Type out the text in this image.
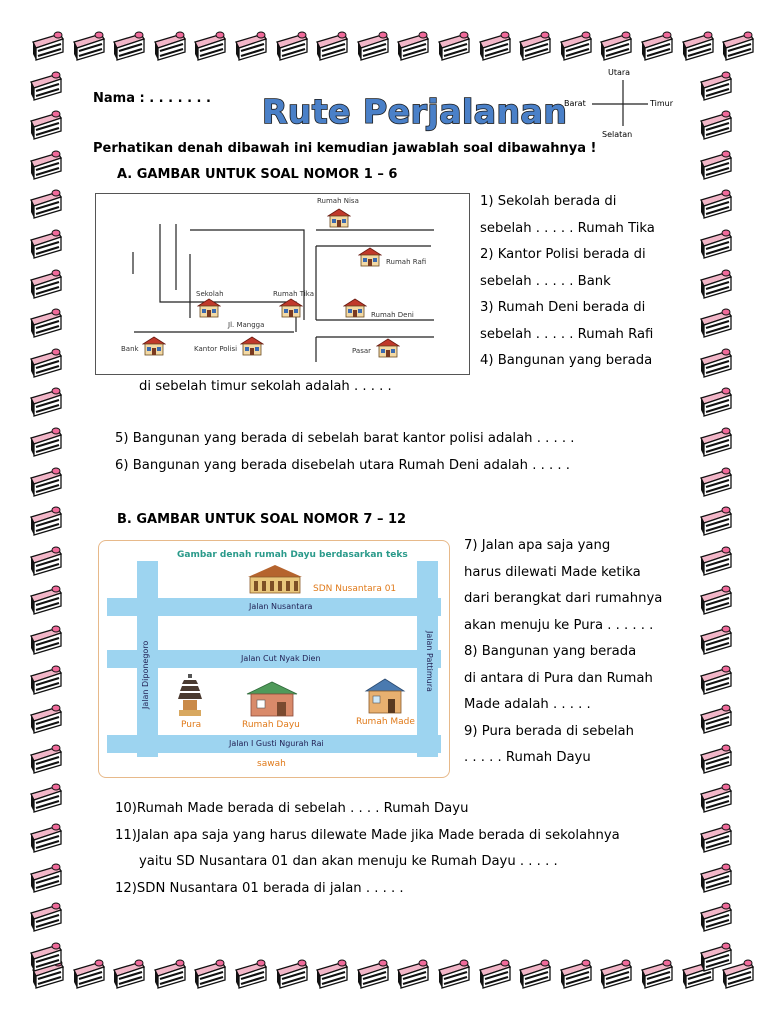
Nama : . . . . . . . Rute Perjalanan
Utara
Selatan
Timur
Barat
Perhatikan denah dibawah ini kemudian jawablah soal dibawahnya !
A. GAMBAR UNTUK SOAL NOMOR 1 – 6
Rumah Nisa
Rumah Rafi
Sekolah	Rumah Tika
Rumah Deni
Bank	Kantor Polisi	Pasar
Jl. Mangga
1) Sekolah berada di
sebelah . . . . . Rumah Tika
2) Kantor Polisi berada di
sebelah . . . . . Bank
3) Rumah Deni berada di
sebelah . . . . . Rumah Rafi
4) Bangunan yang berada
di sebelah timur sekolah adalah . . . . .
5) Bangunan yang berada di sebelah barat kantor polisi adalah . . . . .
6) Bangunan yang berada disebelah utara Rumah Deni adalah . . . . .
B. GAMBAR UNTUK SOAL NOMOR 7 – 12
Gambar denah rumah Dayu berdasarkan teks
Jalan Nusantara
Jalan Cut Nyak Dien
Jalan I Gusti Ngurah Rai
Jalan Diponegoro	Jalan Pattimura
SDN Nusantara 01
Pura	Rumah Dayu	Rumah Made
sawah
7) Jalan apa saja yang
harus dilewati Made ketika
dari berangkat dari rumahnya
akan menuju ke Pura . . . . . .
8) Bangunan yang berada
di antara di Pura dan Rumah
Made adalah . . . . .
9) Pura berada di sebelah
. . . . . Rumah Dayu
10)Rumah Made berada di sebelah . . . . Rumah Dayu
11)Jalan apa saja yang harus dilewate Made jika Made berada di sekolahnya
yaitu SD Nusantara 01 dan akan menuju ke Rumah Dayu . . . . .
12)SDN Nusantara 01 berada di jalan . . . . .
